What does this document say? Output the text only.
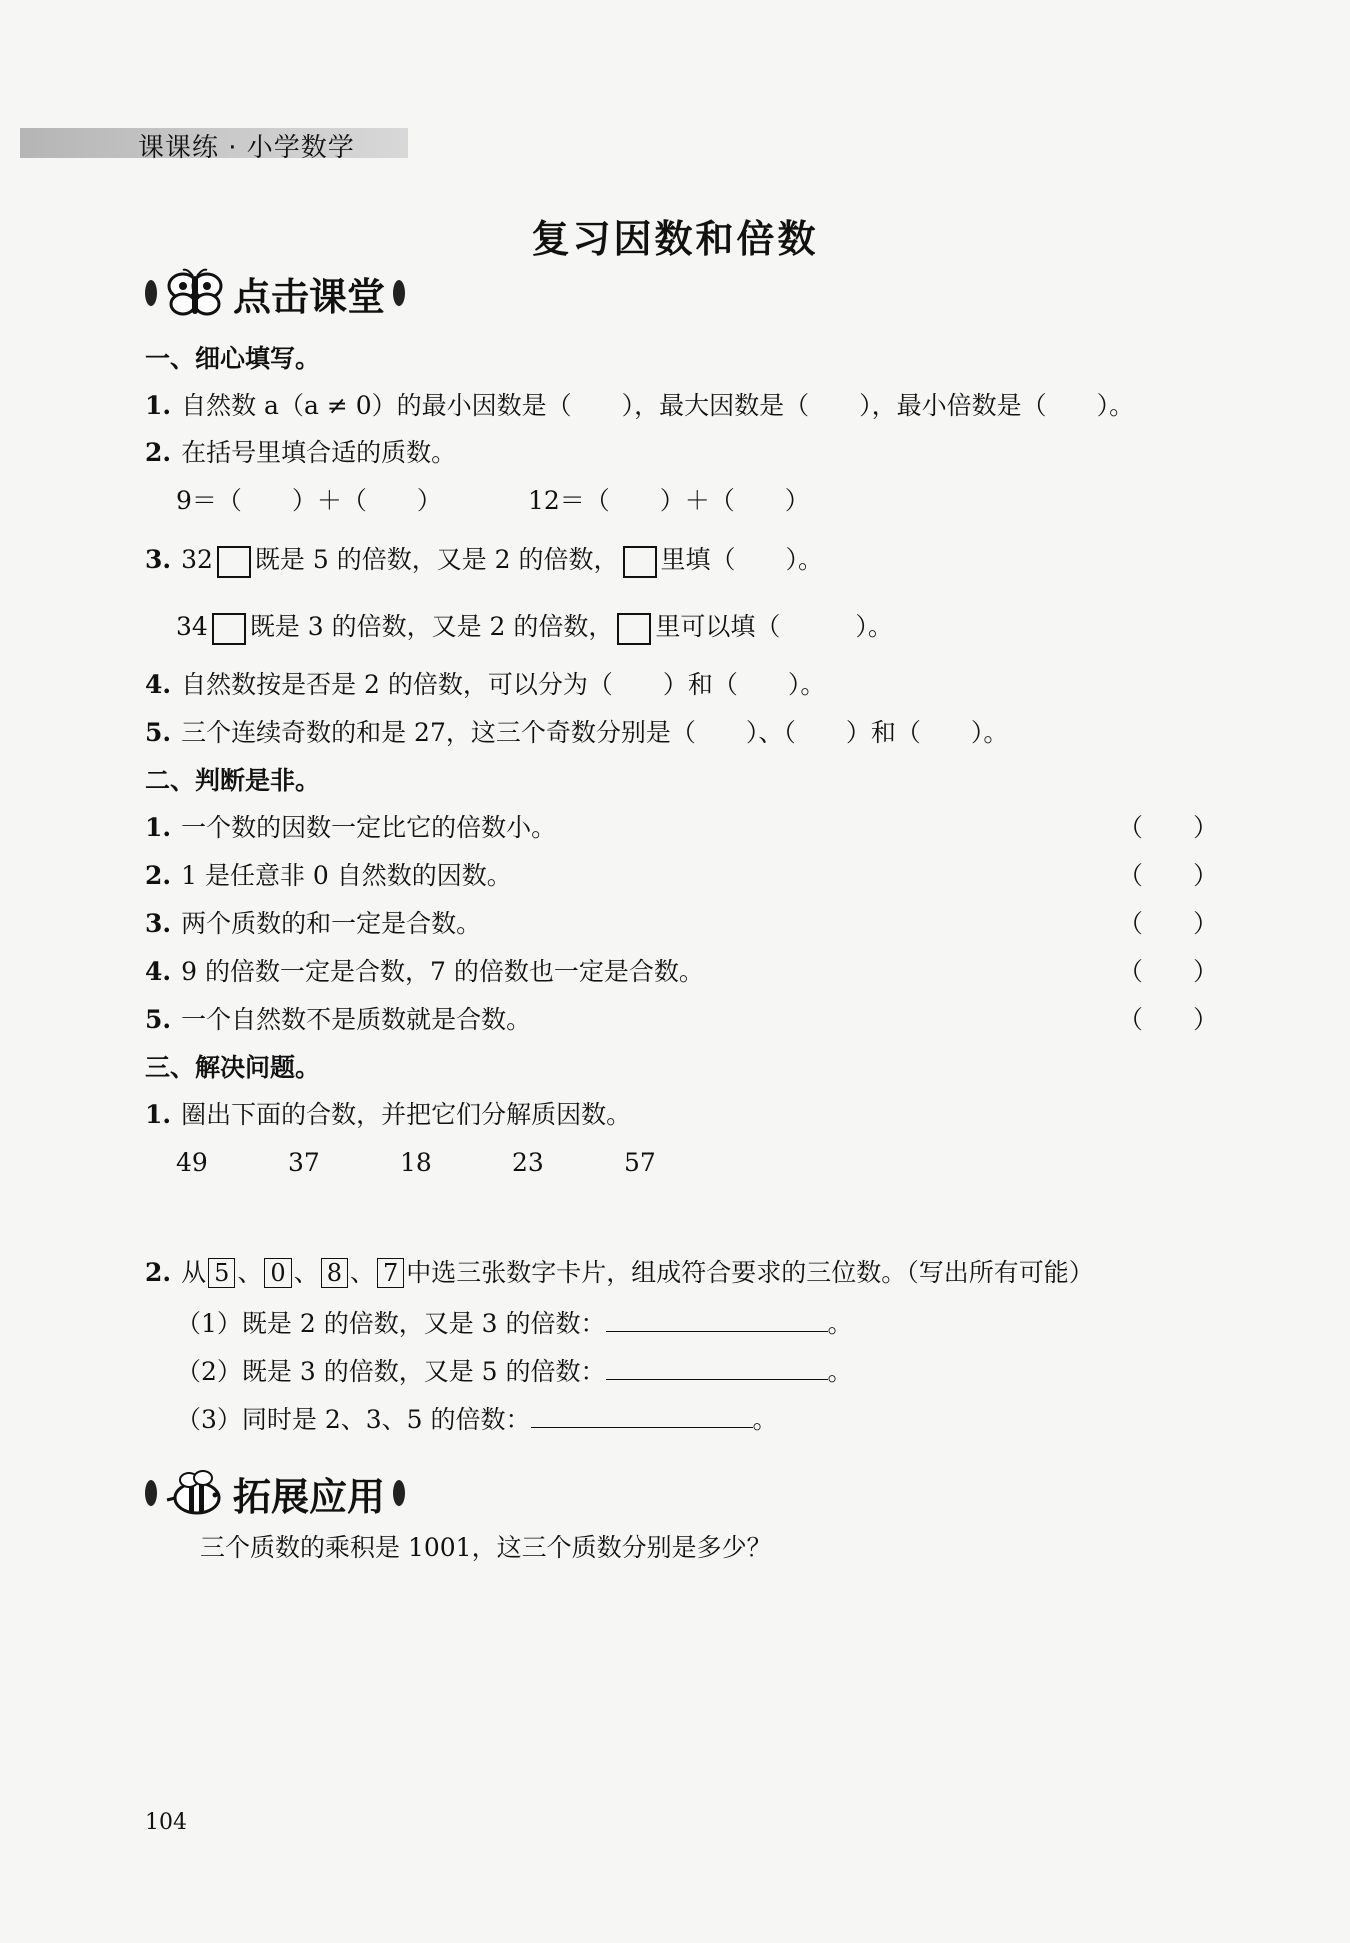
课课练 · 小学数学
复习因数和倍数
点击课堂
一、细心填写。
1. 自然数 a（a ≠ 0）的最小因数是（　　），最大因数是（　　），最小倍数是（　　）。
2. 在括号里填合适的质数。
9＝（　　）＋（　　）	12＝（　　）＋（　　）
3. 32 既是 5 的倍数，又是 2 的倍数， 里填（　　）。
34 既是 3 的倍数，又是 2 的倍数， 里可以填（　　　）。
4. 自然数按是否是 2 的倍数，可以分为（　　）和（　　）。
5. 三个连续奇数的和是 27，这三个奇数分别是（　　）、（　　）和（　　）。
二、判断是非。
1. 一个数的因数一定比它的倍数小。	（　　）
2. 1 是任意非 0 自然数的因数。	（　　）
3. 两个质数的和一定是合数。	（　　）
4. 9 的倍数一定是合数，7 的倍数也一定是合数。	（　　）
5. 一个自然数不是质数就是合数。	（　　）
三、解决问题。
1. 圈出下面的合数，并把它们分解质因数。
49	37	18	23	57
2. 从 5 、 0 、 8 、 7 中选三张数字卡片，组成符合要求的三位数。（写出所有可能）
（1）既是 2 的倍数，又是 3 的倍数：	。
（2）既是 3 的倍数，又是 5 的倍数：	。
（3）同时是 2、3、5 的倍数：	。
拓展应用
三个质数的乘积是 1001，这三个质数分别是多少？
104
